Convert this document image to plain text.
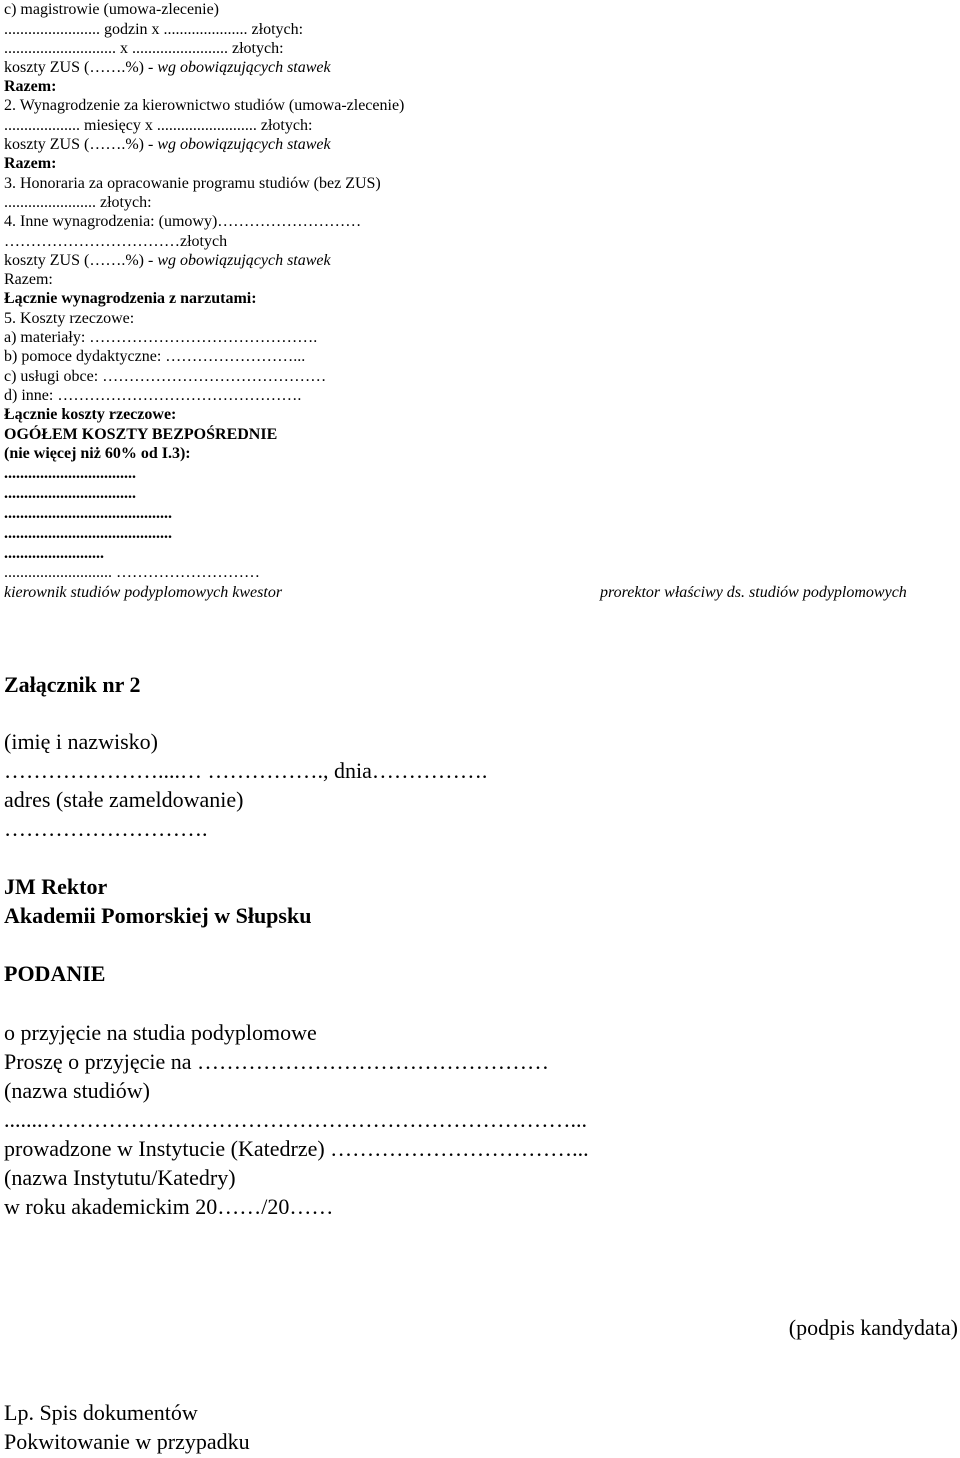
c) magistrowie (umowa-zlecenie)
........................ godzin x ..................... złotych:
............................ x ........................ złotych:
koszty ZUS (…….%) - wg obowiązujących stawek
Razem:
2. Wynagrodzenie za kierownictwo studiów (umowa-zlecenie)
................... miesięcy x ......................... złotych:
koszty ZUS (…….%) - wg obowiązujących stawek
Razem:
3. Honoraria za opracowanie programu studiów (bez ZUS)
....................... złotych:
4. Inne wynagrodzenia: (umowy)………………………
……………………………złotych
koszty ZUS (…….%) - wg obowiązujących stawek
Razem:
Łącznie wynagrodzenia z narzutami:
5. Koszty rzeczowe:
a) materiały: …………………………………….
b) pomoce dydaktyczne: ……………………...
c) usługi obce: ……………………………………
d) inne: ……………………………………….
Łącznie koszty rzeczowe:
OGÓŁEM KOSZTY BEZPOŚREDNIE
(nie więcej niż 60% od I.3):
.................................
.................................
..........................................
..........................................
.........................
........................... ………………………
kierownik studiów podyplomowych kwestor	prorektor właściwy ds. studiów podyplomowych
Załącznik nr 2
(imię i nazwisko)
…………………....… ……………., dnia…………….
adres (stałe zameldowanie)
……………………….
JM Rektor
Akademii Pomorskiej w Słupsku
PODANIE
o przyjęcie na studia podyplomowe
Proszę o przyjęcie na …………………………………………
(nazwa studiów)
.......………………………………………………………………...
prowadzone w Instytucie (Katedrze) ……………………………...
(nazwa Instytutu/Katedry)
w roku akademickim 20……/20……
(podpis kandydata)
Lp. Spis dokumentów
Pokwitowanie w przypadku
